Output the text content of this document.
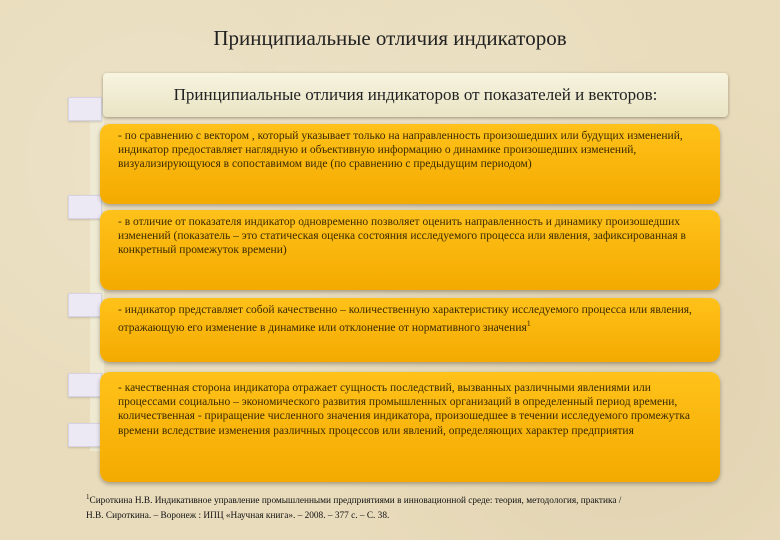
Принципиальные отличия индикаторов
Принципиальные отличия индикаторов от показателей и векторов:
- по сравнению с вектором , который указывает только на направленность произошедших или будущих изменений, индикатор предоставляет наглядную и объективную информацию о динамике произошедших изменений, визуализирующуюся в сопоставимом виде (по сравнению с предыдущим периодом)
- в отличие от показателя индикатор одновременно позволяет оценить направленность и динамику произошедших изменений (показатель – это статическая оценка состояния исследуемого процесса или явления, зафиксированная в конкретный промежуток времени)
- индикатор представляет собой качественно – количественную характеристику исследуемого процесса или явления, отражающую его изменение в динамике или отклонение от нормативного значения$^1$
- качественная сторона индикатора отражает сущность последствий, вызванных различными явлениями или процессами социально – экономического развития промышленных организаций в определенный период времени, количественная - приращение численного значения индикатора, произошедшее в течении исследуемого промежутка времени вследствие изменения различных процессов или явлений, определяющих характер предприятия
$^1$Сироткина Н.В. Индикативное управление промышленными предприятиями в инновационной среде: теория, методология, практика /
Н.В. Сироткина. – Воронеж : ИПЦ «Научная книга». – 2008. – 377 с. – С. 38.
